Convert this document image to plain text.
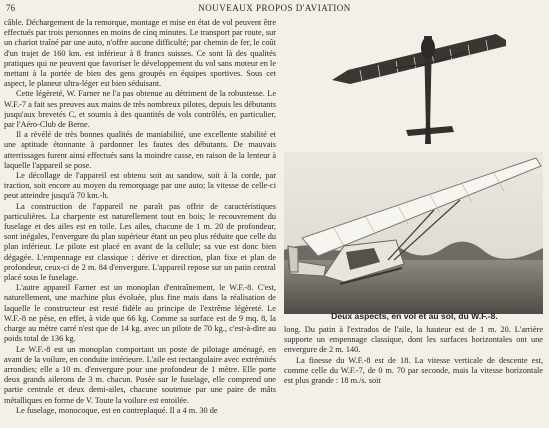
76	NOUVEAUX PROPOS D'AVIATION

câble. Déchargement de la remorque, montage et mise en état de vol peuvent être effectués par trois personnes en moins de cinq minutes. Le transport par route, sur un chariot traîné par une auto, n'offre aucune difficulté; par chemin de fer, le coût d'un trajet de 160 km. est inférieur à 8 francs suisses. Ce sont là des qualités pratiques qui ne peuvent que favoriser le développement du vol sans moteur en le mettant à la portée de bien des gens groupés en équipes sportives. Sous cet aspect, le planeur ultra-léger est bien séduisant.

Cette légèreté, W. Farner ne l'a pas obtenue au détriment de la robustesse. Le W.F.-7 a fait ses preuves aux mains de très nombreux pilotes, depuis les débutants jusqu'aux brevetés C, et soumis à des quantités de vols contrôlés, en particulier, par l'Aéro-Club de Berne.

Il a révélé de très bonnes qualités de maniabilité, une excellente stabilité et une aptitude étonnante à pardonner les fautes des débutants. De mauvais atterrissages furent ainsi effectués sans la moindre casse, en raison de la lenteur à laquelle l'appareil se pose.

Le décollage de l'appareil est obtenu soit au sandow, soit à la corde, par traction, soit encore au moyen du remorquage par une auto; la vitesse de celle-ci peut atteindre jusqu'à 70 km.-h.

La construction de l'appareil ne paraît pas offrir de caractéristiques particulières. La charpente est naturellement tout en bois; le recouvrement du fuselage et des ailes est en toile. Les ailes, chacune de 1 m. 20 de profondeur, sont inégales, l'envergure du plan supérieur étant un peu plus réduite que celle du plan inférieur. Le pilote est placé en avant de la cellule; sa vue est donc bien dégagée. L'empennage est classique : dérive et direction, plan fixe et plan de profondeur, ceux-ci de 2 m. 84 d'envergure. L'appareil repose sur un patin central placé sous le fuselage.

L'autre appareil Farner est un monoplan d'entraînement, le W.F.-8. C'est, naturellement, une machine plus évoluée, plus fine mais dans la réalisation de laquelle le constructeur est resté fidèle au principe de l'extrême légèreté. Le W.F.-8 ne pèse, en effet, à vide que 66 kg. Comme sa surface est de 9 mq. 8, la charge au mètre carré n'est que de 14 kg. avec un pilote de 70 kg., c'est-à-dire au poids total de 136 kg.

Le W.F.-8 est un monoplan comportant un poste de pilotage aménagé, en avant de la voilure, en conduite intérieure. L'aile est rectangulaire avec extrémités arrondies; elle a 10 m. d'envergure pour une profondeur de 1 mètre. Elle porte deux grands ailerons de 3 m. chacun. Posée sur le fuselage, elle comprend une partie centrale et deux demi-ailes, chacune soutenue par une paire de mâts métalliques en forme de V. Toute la voilure est entoilée.

Le fuselage, monocoque, est en contreplaqué. Il a 4 m. 30 de

Deux aspects, en vol et au sol, du W.F.-8.

long. Du patin à l'extrados de l'aile, la hauteur est de 1 m. 20. L'arrière supporte un empennage classique, dont les surfaces horizontales ont une envergure de 2 m. 140.

La finesse du W.F.-8 est de 18. La vitesse verticale de descente est, comme celle du W.F.-7, de 0 m. 70 par seconde, mais la vitesse horizontale est plus grande : 18 m./s. soit
